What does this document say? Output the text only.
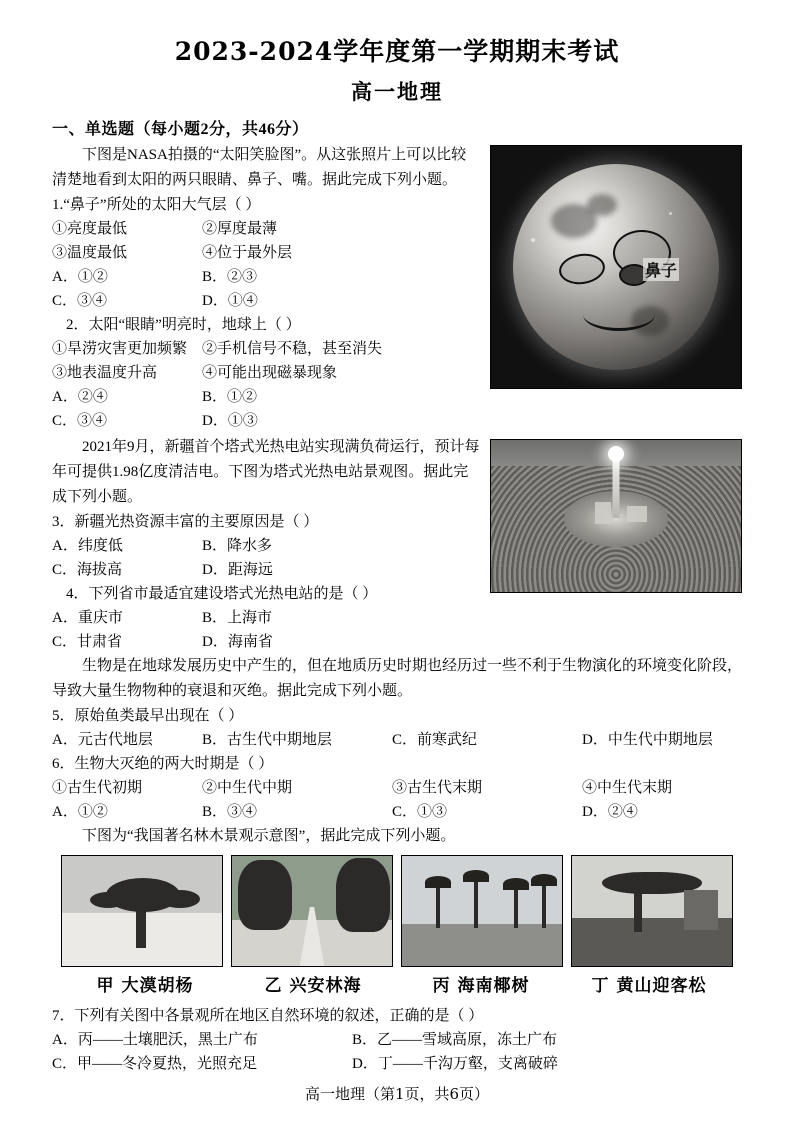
2023-2024学年度第一学期期末考试
高一地理
一、单选题（每小题2分，共46分）
鼻子

下图是NASA拍摄的“太阳笑脸图”。从这张照片上可以比较清楚地看到太阳的两只眼睛、鼻子、嘴。据此完成下列小题。

1.“鼻子”所处的太阳大气层（ ）

①亮度最低	②厚度最薄
③温度最低	④位于最外层
A．①②	B．②③
C．③④	D．①④

2．太阳“眼睛”明亮时，地球上（ ）

①旱涝灾害更加频繁 ②手机信号不稳，甚至消失
③地表温度升高	④可能出现磁暴现象
A．②④	B．①②
C．③④	D．①③

2021年9月，新疆首个塔式光热电站实现满负荷运行，预计每年可提供1.98亿度清洁电。下图为塔式光热电站景观图。据此完成下列小题。

3．新疆光热资源丰富的主要原因是（ ）

A．纬度低	B．降水多
C．海拔高	D．距海远

4．下列省市最适宜建设塔式光热电站的是（ ）

A．重庆市	B．上海市
C．甘肃省	D．海南省

生物是在地球发展历史中产生的，但在地质历史时期也经历过一些不利于生物演化的环境变化阶段，导致大量生物物种的衰退和灭绝。据此完成下列小题。

5．原始鱼类最早出现在（ ）

A．元古代地层	B．古生代中期地层	C．前寒武纪	D．中生代中期地层

6．生物大灭绝的两大时期是（ ）

①古生代初期	②中生代中期	③古生代末期	④中生代末期
A．①②	B．③④	C．①③	D．②④

下图为“我国著名林木景观示意图”，据此完成下列小题。

甲 大漠胡杨	乙 兴安林海	丙 海南椰树	丁 黄山迎客松

7．下列有关图中各景观所在地区自然环境的叙述，正确的是（ ）

A．丙——土壤肥沃，黑土广布	B．乙——雪域高原，冻土广布
C．甲——冬冷夏热，光照充足	D．丁——千沟万壑，支离破碎
高一地理（第1页，共6页）
